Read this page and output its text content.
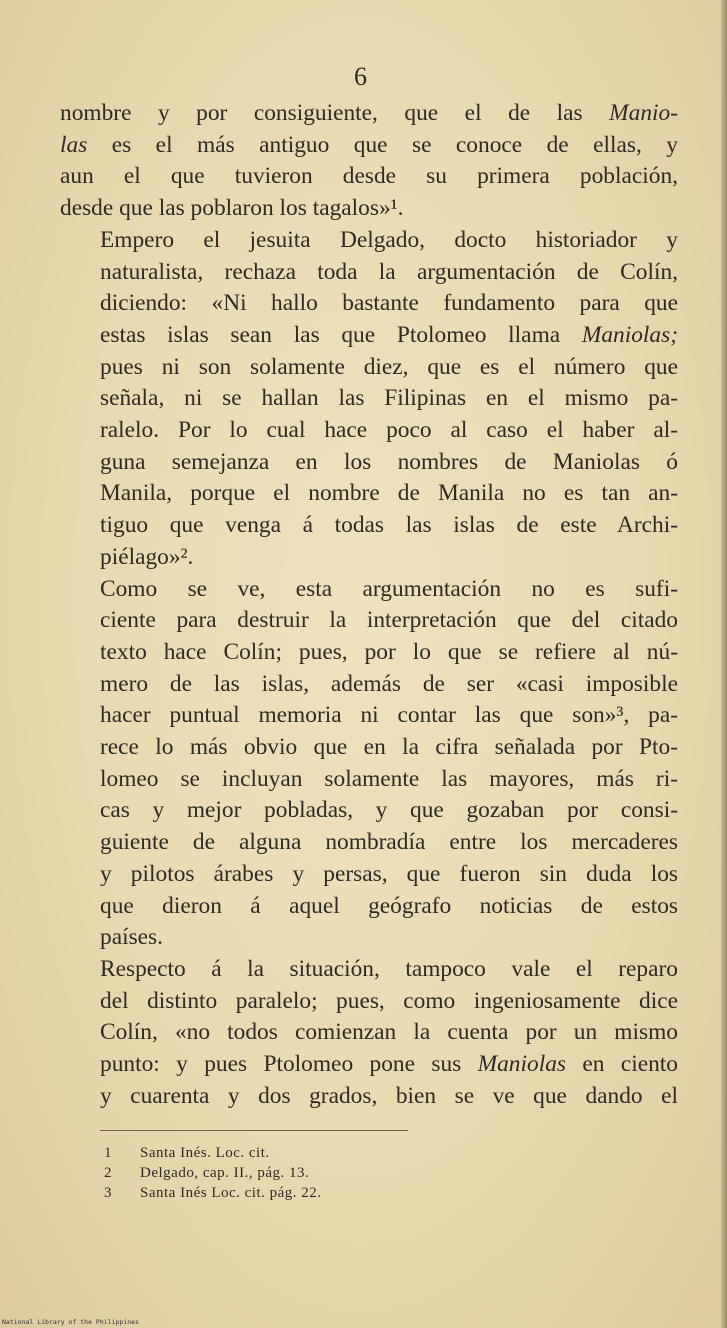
6

nombre y por consiguiente, que el de las Manio-
las es el más antiguo que se conoce de ellas, y
aun el que tuvieron desde su primera población,
desde que las poblaron los tagalos»¹.

Empero el jesuita Delgado, docto historiador y
naturalista, rechaza toda la argumentación de Colín,
diciendo: «Ni hallo bastante fundamento para que
estas islas sean las que Ptolomeo llama Maniolas;
pues ni son solamente diez, que es el número que
señala, ni se hallan las Filipinas en el mismo pa-
ralelo. Por lo cual hace poco al caso el haber al-
guna semejanza en los nombres de Maniolas ó
Manila, porque el nombre de Manila no es tan an-
tiguo que venga á todas las islas de este Archi-
piélago»².

Como se ve, esta argumentación no es sufi-
ciente para destruir la interpretación que del citado
texto hace Colín; pues, por lo que se refiere al nú-
mero de las islas, además de ser «casi imposible
hacer puntual memoria ni contar las que son»³, pa-
rece lo más obvio que en la cifra señalada por Pto-
lomeo se incluyan solamente las mayores, más ri-
cas y mejor pobladas, y que gozaban por consi-
guiente de alguna nombradía entre los mercaderes
y pilotos árabes y persas, que fueron sin duda los
que dieron á aquel geógrafo noticias de estos
países.

Respecto á la situación, tampoco vale el reparo
del distinto paralelo; pues, como ingeniosamente dice
Colín, «no todos comienzan la cuenta por un mismo
punto: y pues Ptolomeo pone sus Maniolas en ciento
y cuarenta y dos grados, bien se ve que dando el

1 Santa Inés. Loc. cit.
2 Delgado, cap. II., pág. 13.
3 Santa Inés Loc. cit. pág. 22.
National Library of the Philippines
